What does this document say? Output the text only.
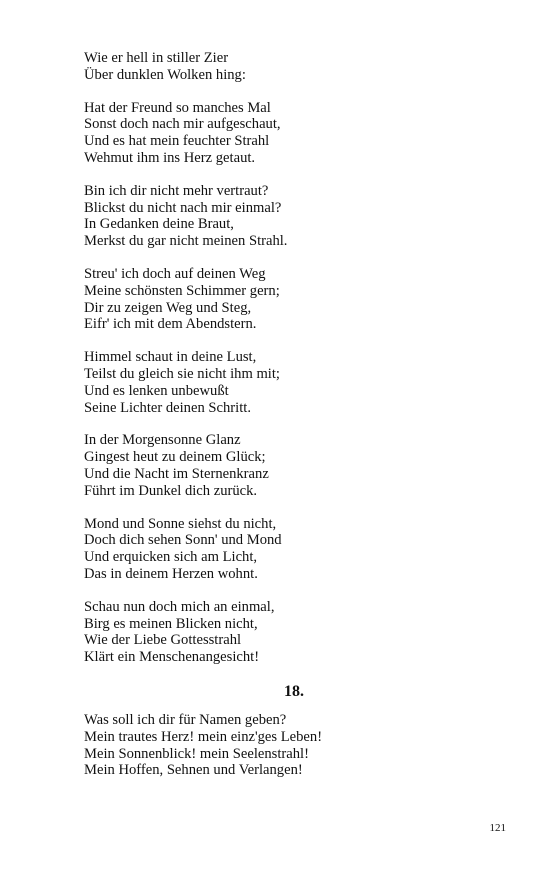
Wie er hell in stiller Zier
Über dunklen Wolken hing:
Hat der Freund so manches Mal
Sonst doch nach mir aufgeschaut,
Und es hat mein feuchter Strahl
Wehmut ihm ins Herz getaut.
Bin ich dir nicht mehr vertraut?
Blickst du nicht nach mir einmal?
In Gedanken deine Braut,
Merkst du gar nicht meinen Strahl.
Streu' ich doch auf deinen Weg
Meine schönsten Schimmer gern;
Dir zu zeigen Weg und Steg,
Eifr' ich mit dem Abendstern.
Himmel schaut in deine Lust,
Teilst du gleich sie nicht ihm mit;
Und es lenken unbewußt
Seine Lichter deinen Schritt.
In der Morgensonne Glanz
Gingest heut zu deinem Glück;
Und die Nacht im Sternenkranz
Führt im Dunkel dich zurück.
Mond und Sonne siehst du nicht,
Doch dich sehen Sonn' und Mond
Und erquicken sich am Licht,
Das in deinem Herzen wohnt.
Schau nun doch mich an einmal,
Birg es meinen Blicken nicht,
Wie der Liebe Gottesstrahl
Klärt ein Menschenangesicht!
18.
Was soll ich dir für Namen geben?
Mein trautes Herz! mein einz'ges Leben!
Mein Sonnenblick! mein Seelenstrahl!
Mein Hoffen, Sehnen und Verlangen!
121
